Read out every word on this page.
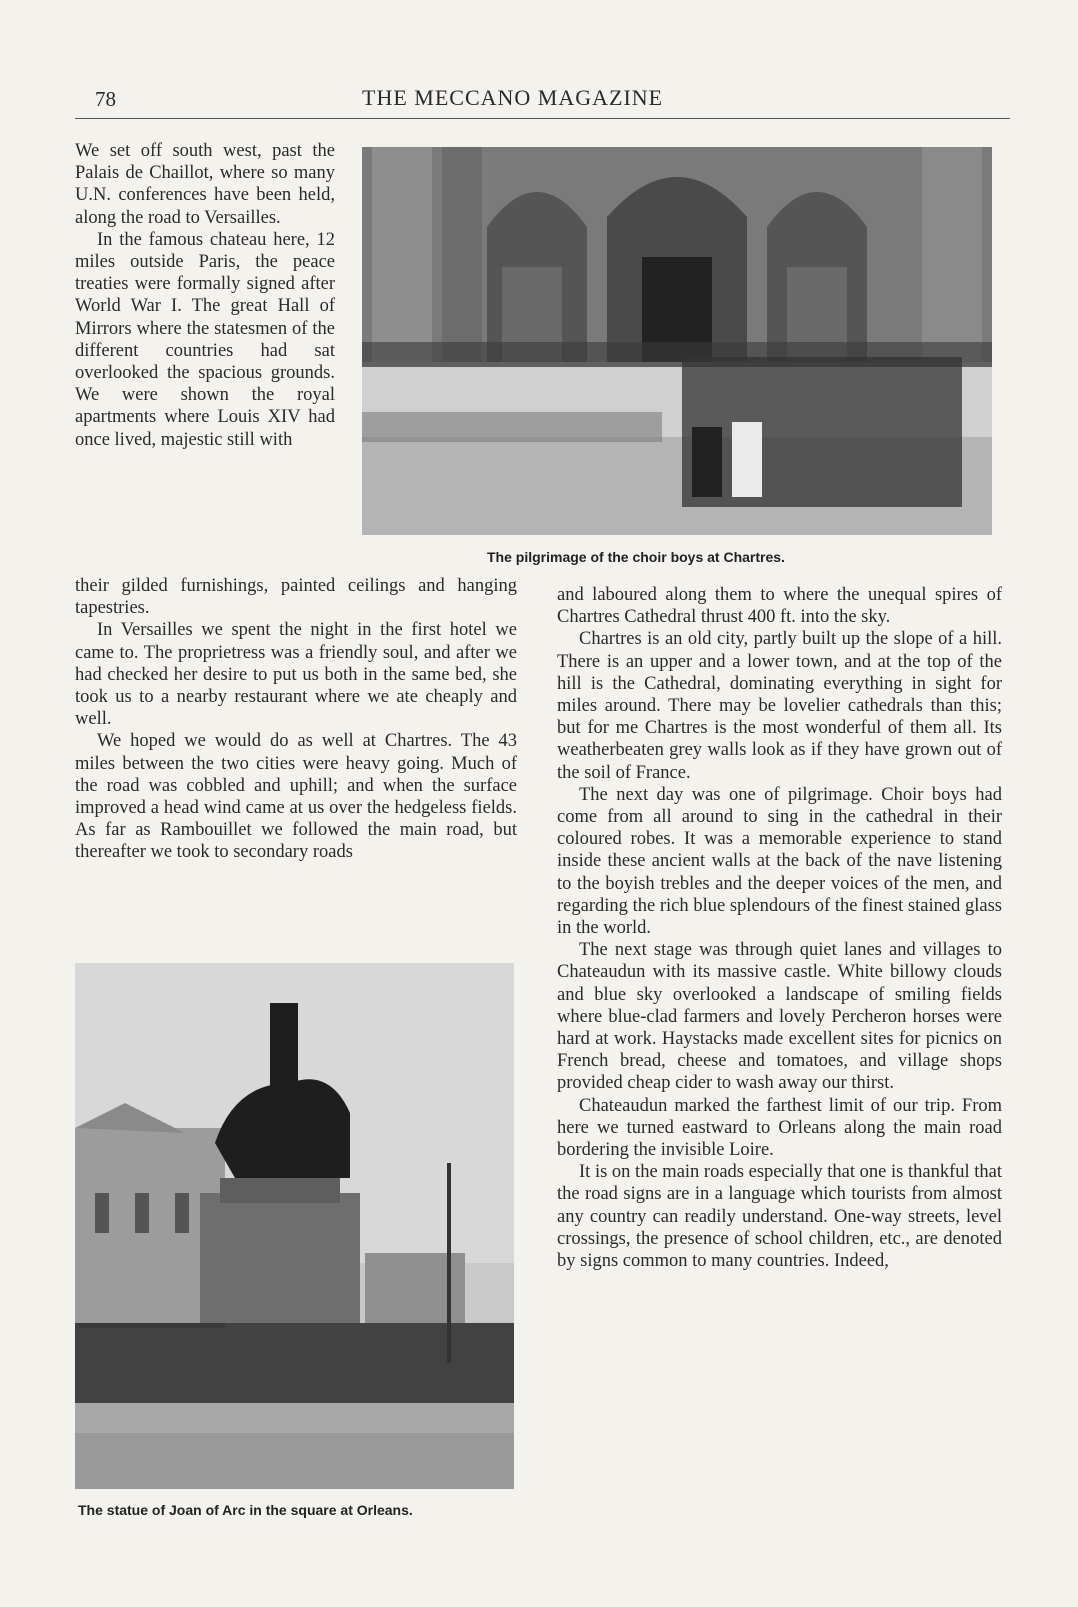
78	THE MECCANO MAGAZINE

We set off south west, past the Palais de Chaillot, where so many U.N. conferences have been held, along the road to Versailles.

In the famous chateau here, 12 miles outside Paris, the peace treaties were formally signed after World War I. The great Hall of Mirrors where the statesmen of the different countries had sat overlooked the spacious grounds. We were shown the royal apartments where Louis XIV had once lived, majestic still with

their gilded furnishings, painted ceilings and hanging tapestries.

In Versailles we spent the night in the first hotel we came to. The proprietress was a friendly soul, and after we had checked her desire to put us both in the same bed, she took us to a nearby restaurant where we ate cheaply and well.

We hoped we would do as well at Chartres. The 43 miles between the two cities were heavy going. Much of the road was cobbled and uphill; and when the surface improved a head wind came at us over the hedgeless fields. As far as Rambouillet we followed the main road, but thereafter we took to secondary roads

The pilgrimage of the choir boys at Chartres.
The statue of Joan of Arc in the square at Orleans.

and laboured along them to where the unequal spires of Chartres Cathedral thrust 400 ft. into the sky.

Chartres is an old city, partly built up the slope of a hill. There is an upper and a lower town, and at the top of the hill is the Cathedral, dominating everything in sight for miles around. There may be lovelier cathedrals than this; but for me Chartres is the most wonderful of them all. Its weatherbeaten grey walls look as if they have grown out of the soil of France.

The next day was one of pilgrimage. Choir boys had come from all around to sing in the cathedral in their coloured robes. It was a memorable experience to stand inside these ancient walls at the back of the nave listening to the boyish trebles and the deeper voices of the men, and regarding the rich blue splendours of the finest stained glass in the world.

The next stage was through quiet lanes and villages to Chateaudun with its massive castle. White billowy clouds and blue sky overlooked a landscape of smiling fields where blue-clad farmers and lovely Percheron horses were hard at work. Haystacks made excellent sites for picnics on French bread, cheese and tomatoes, and village shops provided cheap cider to wash away our thirst.

Chateaudun marked the farthest limit of our trip. From here we turned eastward to Orleans along the main road bordering the invisible Loire.

It is on the main roads especially that one is thankful that the road signs are in a language which tourists from almost any country can readily understand. One-way streets, level crossings, the presence of school children, etc., are denoted by signs common to many countries. Indeed,
